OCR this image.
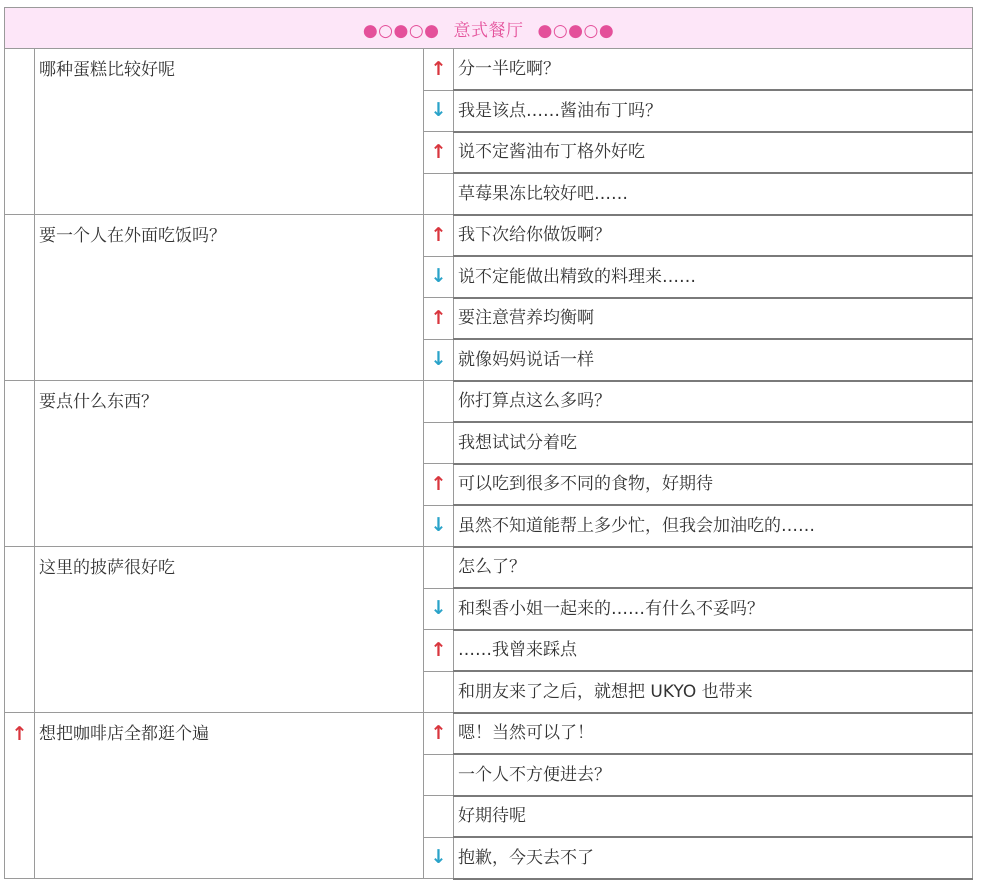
●○●○● 意式餐厅 ●○●○●			

	哪种蛋糕比较好呢	↑	分一半吃啊？

		↓	我是该点……酱油布丁吗？

		↑	说不定酱油布丁格外好吃

			草莓果冻比较好吧……

	要一个人在外面吃饭吗？	↑	我下次给你做饭啊？

		↓	说不定能做出精致的料理来……

		↑	要注意营养均衡啊

		↓	就像妈妈说话一样

	要点什么东西？		你打算点这么多吗？

			我想试试分着吃

		↑	可以吃到很多不同的食物，好期待

		↓	虽然不知道能帮上多少忙，但我会加油吃的……

	这里的披萨很好吃		怎么了？

		↓	和梨香小姐一起来的……有什么不妥吗？

		↑	……我曾来踩点

			和朋友来了之后，就想把 UKYO 也带来

↑	想把咖啡店全都逛个遍	↑	嗯！当然可以了！

			一个人不方便进去？

			好期待呢

		↓	抱歉，今天去不了
